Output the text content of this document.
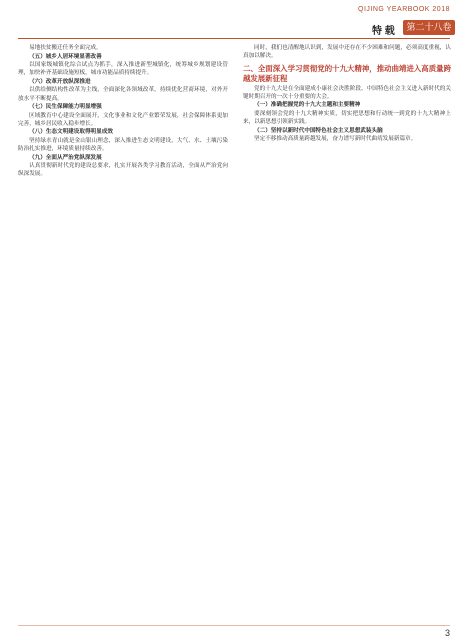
QIJING YEARBOOK 2018
特 载	第二十八卷

易地扶贫搬迁任务全面完成。

（五）城乡人居环境显著改善

以国家级城镇化综合试点为抓手，深入推进新型城镇化，统筹城乡规划建设管理，加快补齐基础设施短板，城市功能品质持续提升。

（六）改革开放纵深推进

以供给侧结构性改革为主线，全面深化各领域改革，持续优化营商环境，对外开放水平不断提高。

（七）民生保障能力明显增强

区域教育中心建设全面展开，文化事业和文化产业繁荣发展，社会保障体系更加完善，城乡居民收入稳步增长。

（八）生态文明建设取得明显成效

坚持绿水青山就是金山银山理念，深入推进生态文明建设，大气、水、土壤污染防治扎实推进，环境质量持续改善。

（九）全面从严治党纵深发展

认真贯彻新时代党的建设总要求，扎实开展各类学习教育活动，全面从严治党向纵深发展。

同时，我们也清醒地认识到，发展中还存在不少困难和问题，必须高度重视，认真加以解决。

二、全面深入学习贯彻党的十九大精神，推动曲靖进入高质量跨越发展新征程

党的十九大是在全面建成小康社会决胜阶段、中国特色社会主义进入新时代的关键时期召开的一次十分重要的大会。

（一）准确把握党的十九大主题和主要精神

要深刻领会党的十九大精神实质，切实把思想和行动统一到党的十九大精神上来，以新思想引领新实践。

（二）坚持以新时代中国特色社会主义思想武装头脑

坚定不移推动高质量跨越发展，奋力谱写新时代曲靖发展新篇章。

3
